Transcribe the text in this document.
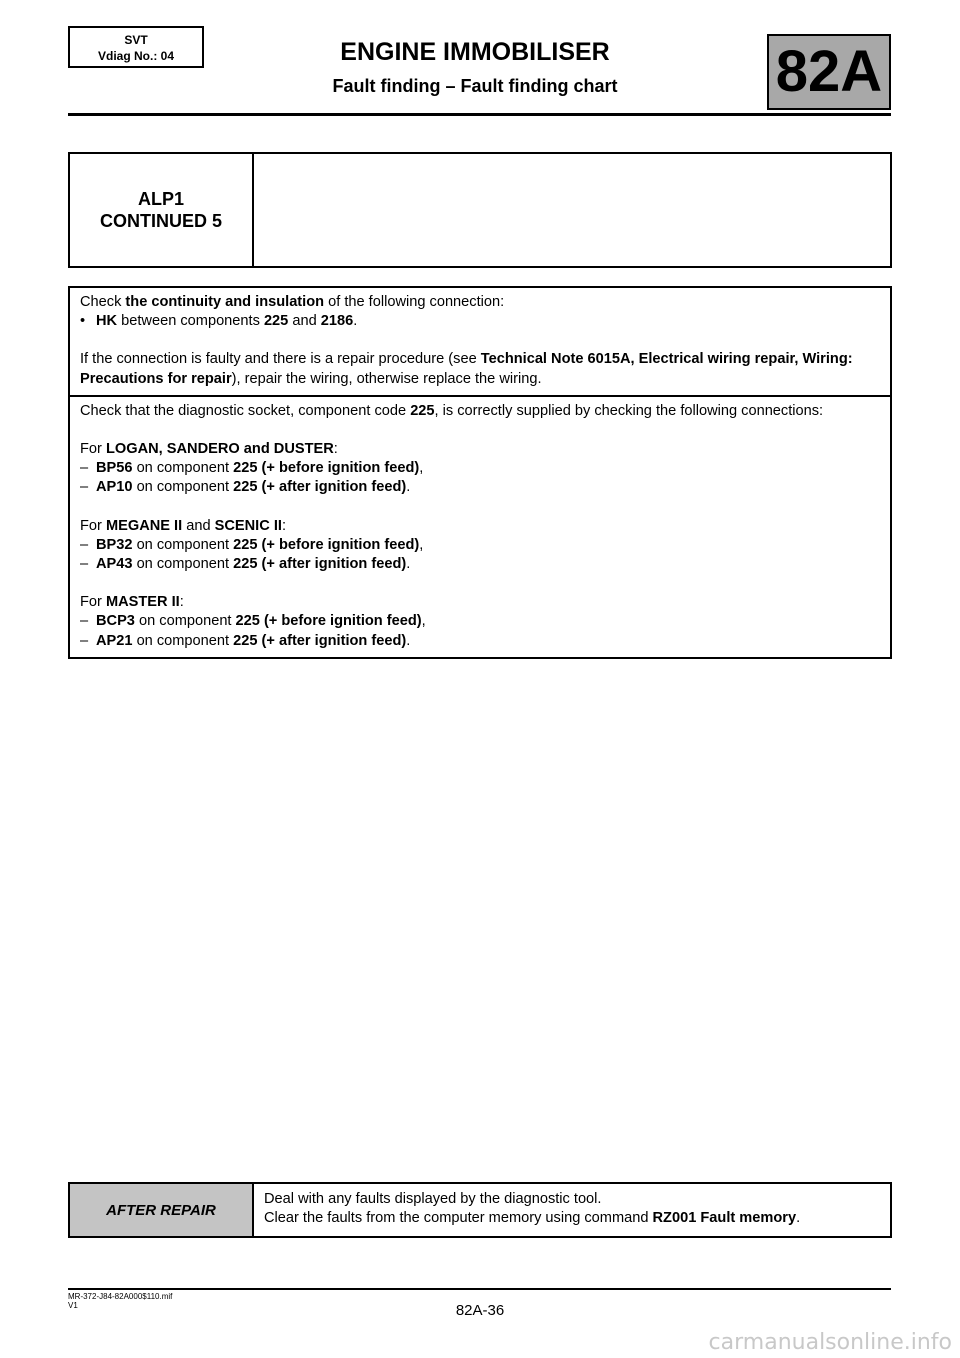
SVT
Vdiag No.: 04	ENGINE IMMOBILISER
Fault finding – Fault finding chart	82A
ALP1
CONTINUED 5

Check the continuity and insulation of the following connection:

• HK between components 225 and 2186.

If the connection is faulty and there is a repair procedure (see Technical Note 6015A, Electrical wiring repair, Wiring: Precautions for repair), repair the wiring, otherwise replace the wiring.

Check that the diagnostic socket, component code 225, is correctly supplied by checking the following connections:

For LOGAN, SANDERO and DUSTER:

– BP56 on component 225 (+ before ignition feed),

– AP10 on component 225 (+ after ignition feed).

For MEGANE II and SCENIC II:

– BP32 on component 225 (+ before ignition feed),

– AP43 on component 225 (+ after ignition feed).

For MASTER II:

– BCP3 on component 225 (+ before ignition feed),

– AP21 on component 225 (+ after ignition feed).

AFTER REPAIR
Deal with any faults displayed by the diagnostic tool.
Clear the faults from the computer memory using command RZ001 Fault memory.
MR-372-J84-82A000$110.mif
V1	82A-36
carmanualsonline.info
